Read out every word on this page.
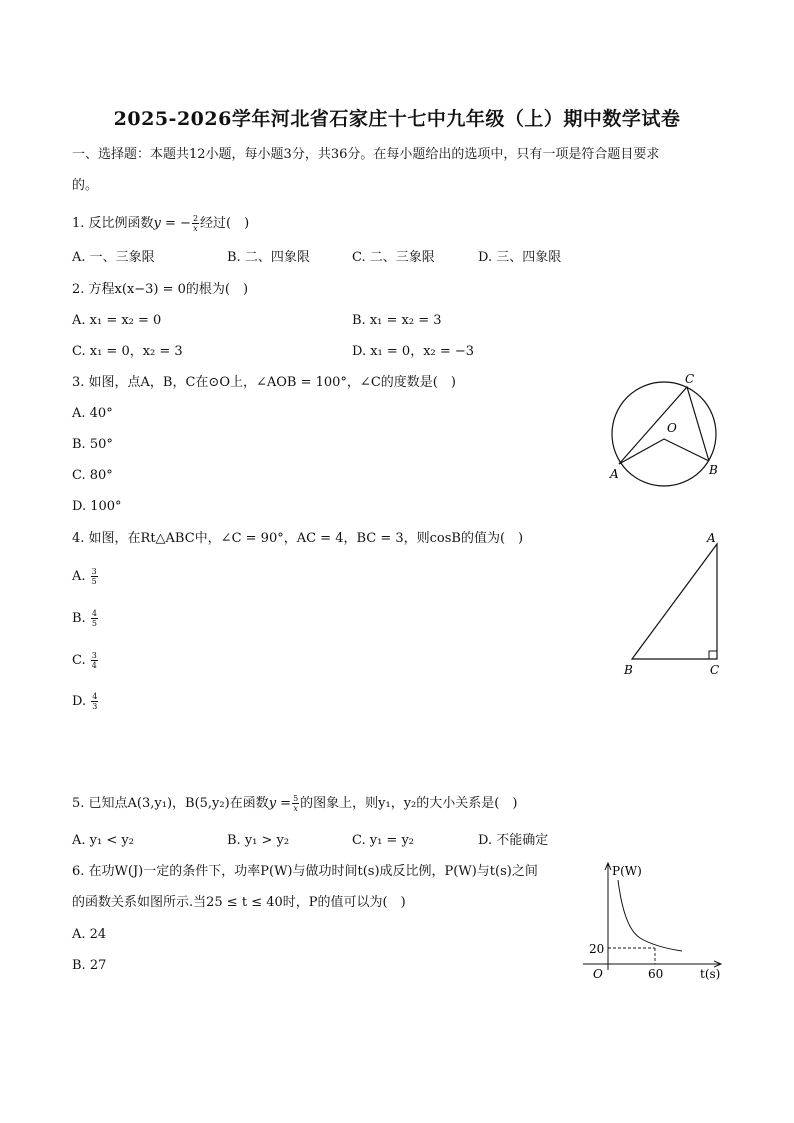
2025-2026学年河北省石家庄十七中九年级（上）期中数学试卷
一、选择题：本题共12小题，每小题3分，共36分。在每小题给出的选项中，只有一项是符合题目要求
的。
1. 反比例函数y = − $\frac{2}{x}$ 经过(　)
A. 一、三象限	B. 二、四象限	C. 二、三象限	D. 三、四象限
2. 方程x(x−3) = 0的根为(　)
A. x₁ = x₂ = 0	B. x₁ = x₂ = 3
C. x₁ = 0，x₂ = 3	D. x₁ = 0，x₂ = −3
3. 如图，点A，B，C在⊙O上，∠AOB = 100°，∠C的度数是(　)
A. 40°
B. 50°
C. 80°
D. 100°
A	B
C
O
4. 如图，在Rt△ABC中，∠C = 90°，AC = 4，BC = 3，则cosB的值为(　)
A. $\frac{3}{5}$
B. $\frac{4}{5}$
C. $\frac{3}{4}$
D. $\frac{4}{3}$
A
B	C
5. 已知点A(3,y₁)，B(5,y₂)在函数$y = \frac{5}{x}$ 的图象上，则y₁，y₂的大小关系是(　)
A. y₁ < y₂	B. y₁ > y₂	C. y₁ = y₂	D. 不能确定
6. 在功W(J)一定的条件下，功率P(W)与做功时间t(s)成反比例，P(W)与t(s)之间
的函数关系如图所示.当25 ≤ t ≤ 40时，P的值可以为(　)
A. 24
B. 27
P(W)
t(s)
O
20
60
